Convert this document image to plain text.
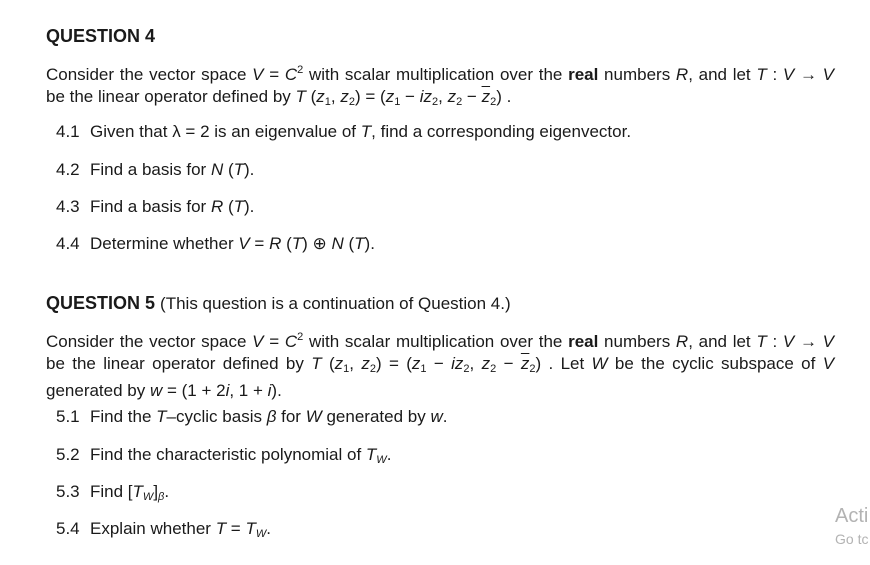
QUESTION 4
Consider the vector space $V = C^2$ with scalar multiplication over the real numbers R, and let T : V → V be the linear operator defined by T ($z_1$, $z_2) = (z_1 - iz_2$, $z_2 - \overline{z}_2$) .
4.1 Given that λ = 2 is an eigenvalue of T, find a corresponding eigenvector.
4.2 Find a basis for N (T).
4.3 Find a basis for R (T).
4.4 Determine whether V = R (T) ⊕ N (T).
QUESTION 5 (This question is a continuation of Question 4.)
Consider the vector space $V = C^2$ with scalar multiplication over the real numbers R, and let T : V → V be the linear operator defined by T ($z_1$, $z_2) = (z_1 - iz_2$, $z_2 - \overline{z}_2$) . Let W be the cyclic subspace of V generated by w = (1 + 2i, 1 + i).
5.1 Find the T–cyclic basis β for W generated by w.
5.2 Find the characteristic polynomial of $T_W$.
5.3 Find $[T_W]_\beta$.
5.4 Explain whether $T = T_W$.
Acti
Go tc
